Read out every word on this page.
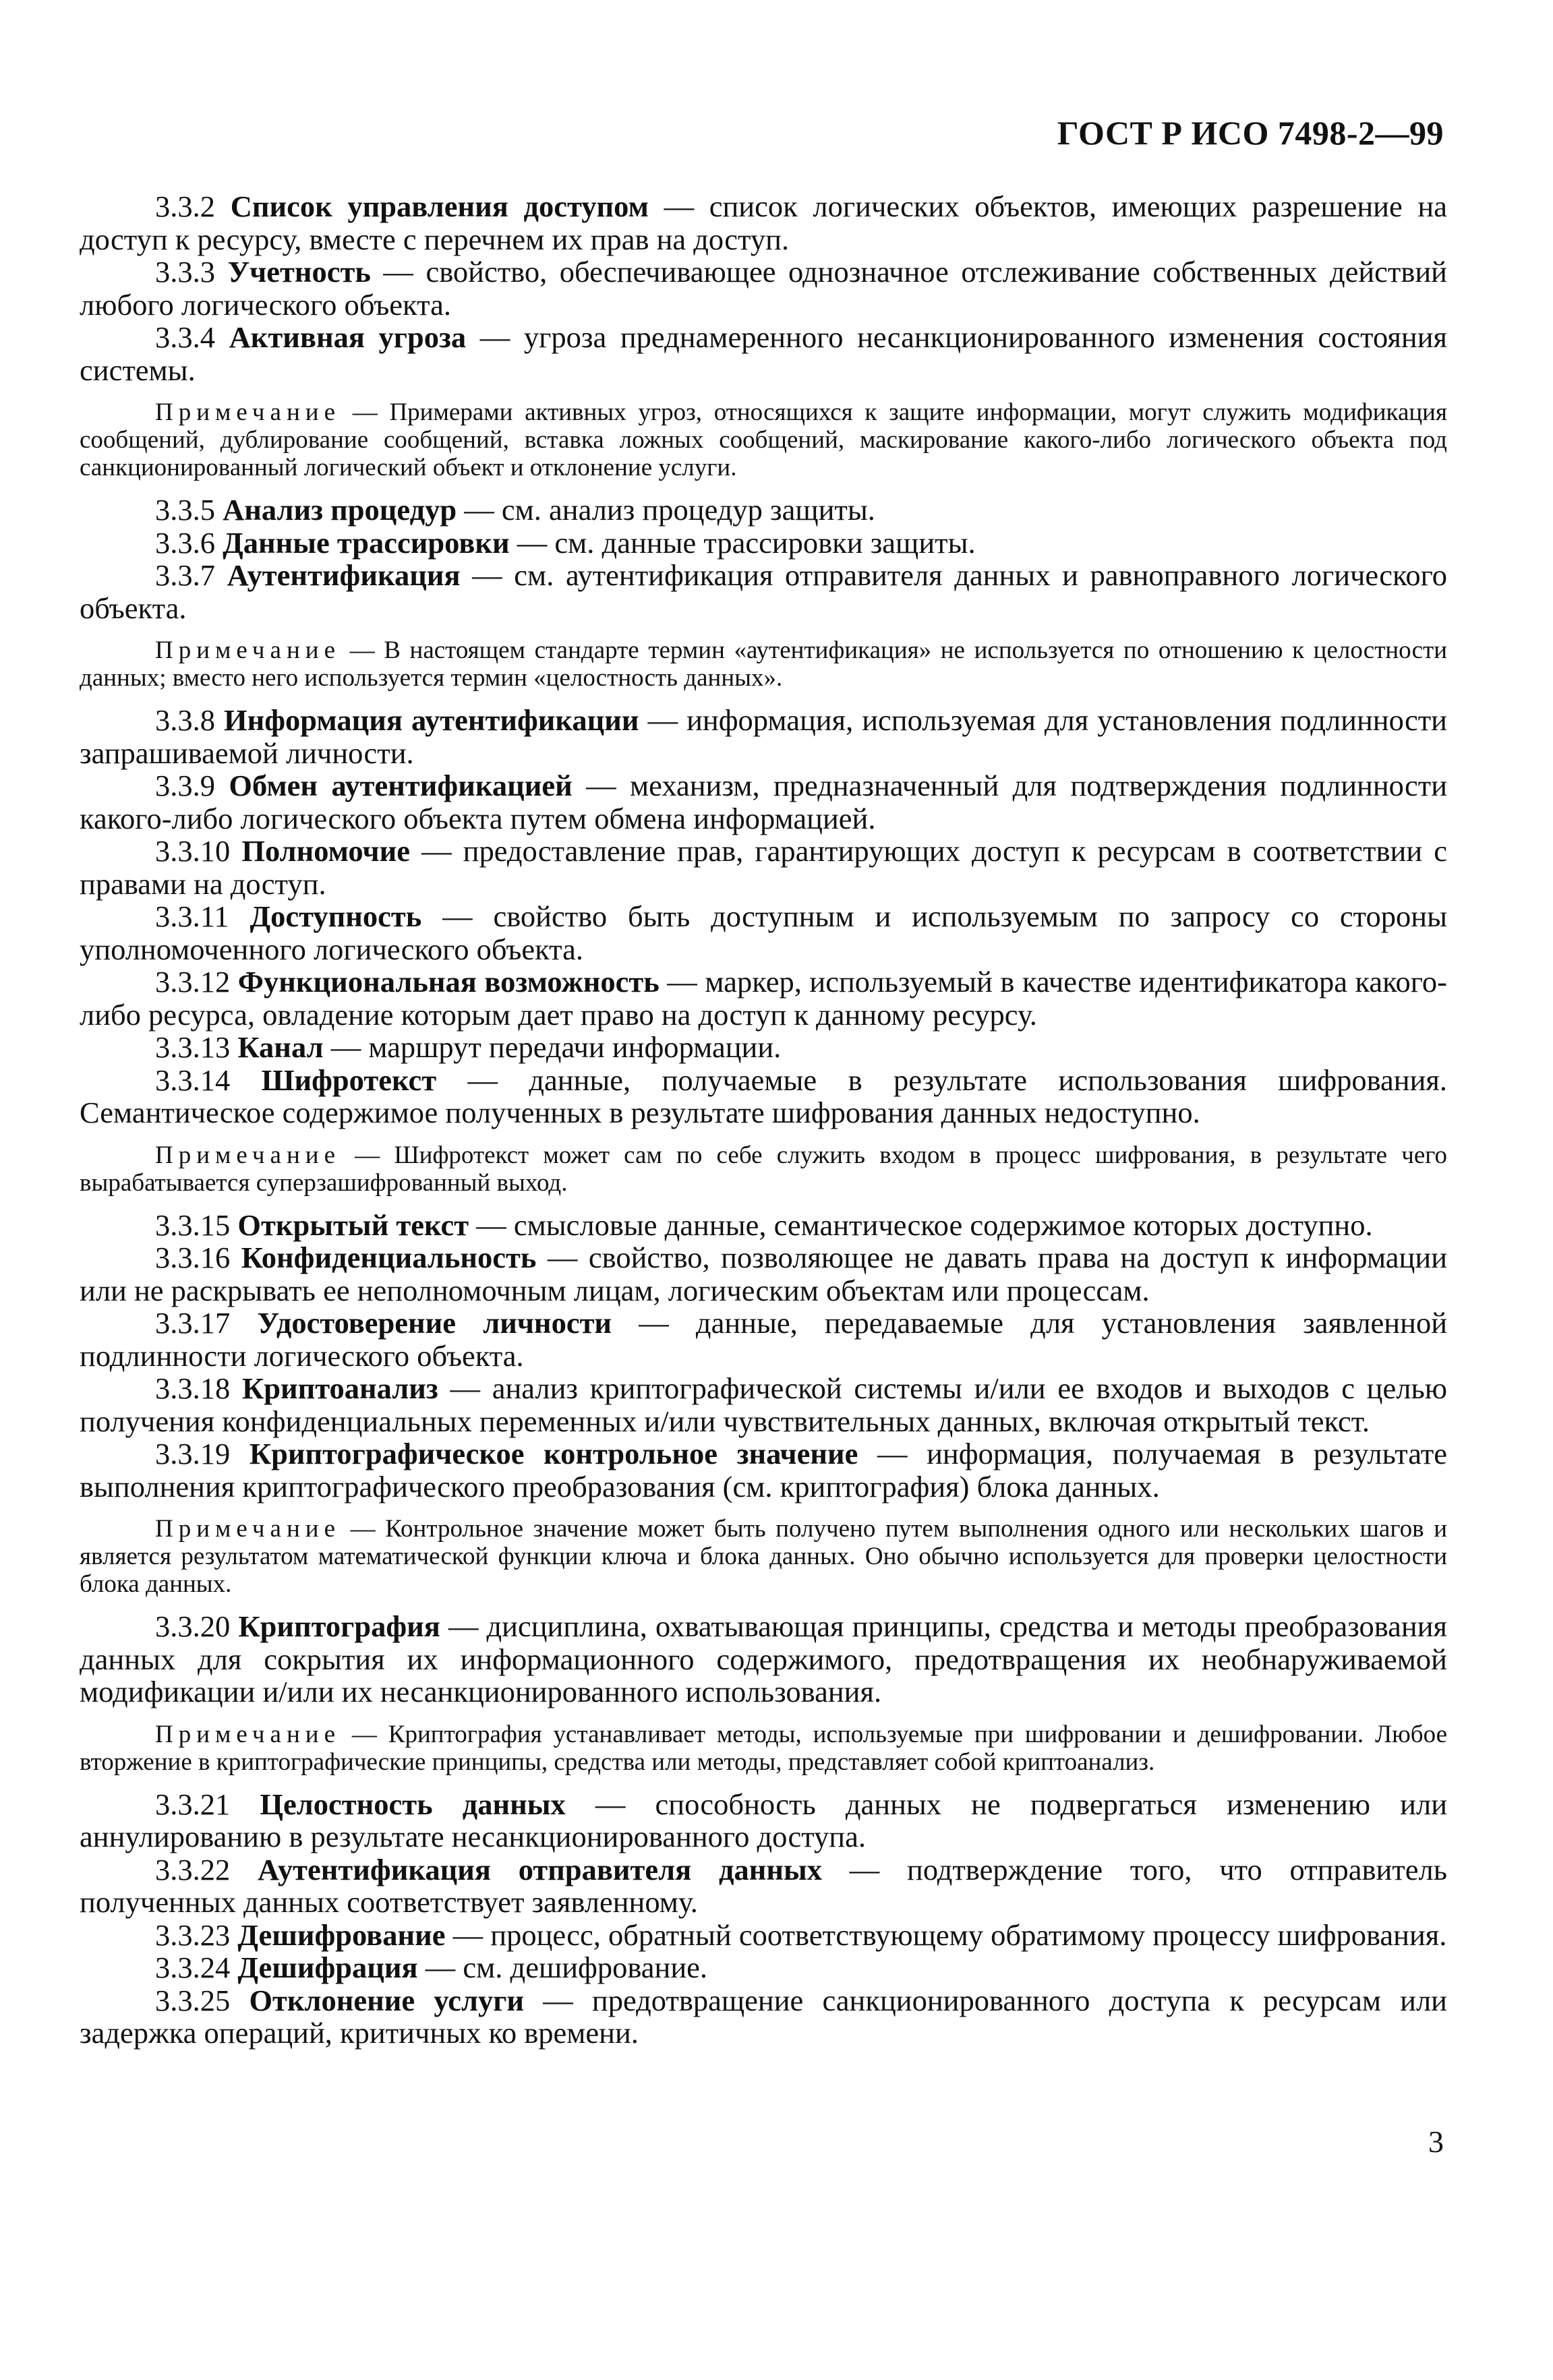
ГОСТ Р ИСО 7498-2—99

3.3.2 Список управления доступом — список логических объектов, имеющих разрешение на доступ к ресурсу, вместе с перечнем их прав на доступ.

3.3.3 Учетность — свойство, обеспечивающее однозначное отслеживание собственных действий любого логического объекта.

3.3.4 Активная угроза — угроза преднамеренного несанкционированного изменения состояния системы.

Примечание — Примерами активных угроз, относящихся к защите информации, могут служить модификация сообщений, дублирование сообщений, вставка ложных сообщений, маскирование какого-либо логического объекта под санкционированный логический объект и отклонение услуги.

3.3.5 Анализ процедур — см. анализ процедур защиты.

3.3.6 Данные трассировки — см. данные трассировки защиты.

3.3.7 Аутентификация — см. аутентификация отправителя данных и равноправного логического объекта.

Примечание — В настоящем стандарте термин «аутентификация» не используется по отношению к целостности данных; вместо него используется термин «целостность данных».

3.3.8 Информация аутентификации — информация, используемая для установления подлинности запрашиваемой личности.

3.3.9 Обмен аутентификацией — механизм, предназначенный для подтверждения подлинности какого-либо логического объекта путем обмена информацией.

3.3.10 Полномочие — предоставление прав, гарантирующих доступ к ресурсам в соответствии с правами на доступ.

3.3.11 Доступность — свойство быть доступным и используемым по запросу со стороны уполномоченного логического объекта.

3.3.12 Функциональная возможность — маркер, используемый в качестве идентификатора какого-либо ресурса, овладение которым дает право на доступ к данному ресурсу.

3.3.13 Канал — маршрут передачи информации.

3.3.14 Шифротекст — данные, получаемые в результате использования шифрования. Семантическое содержимое полученных в результате шифрования данных недоступно.

Примечание — Шифротекст может сам по себе служить входом в процесс шифрования, в результате чего вырабатывается суперзашифрованный выход.

3.3.15 Открытый текст — смысловые данные, семантическое содержимое которых доступно.

3.3.16 Конфиденциальность — свойство, позволяющее не давать права на доступ к информации или не раскрывать ее неполномочным лицам, логическим объектам или процессам.

3.3.17 Удостоверение личности — данные, передаваемые для установления заявленной подлинности логического объекта.

3.3.18 Криптоанализ — анализ криптографической системы и/или ее входов и выходов с целью получения конфиденциальных переменных и/или чувствительных данных, включая открытый текст.

3.3.19 Криптографическое контрольное значение — информация, получаемая в результате выполнения криптографического преобразования (см. криптография) блока данных.

Примечание — Контрольное значение может быть получено путем выполнения одного или нескольких шагов и является результатом математической функции ключа и блока данных. Оно обычно используется для проверки целостности блока данных.

3.3.20 Криптография — дисциплина, охватывающая принципы, средства и методы преобразования данных для сокрытия их информационного содержимого, предотвращения их необнаруживаемой модификации и/или их несанкционированного использования.

Примечание — Криптография устанавливает методы, используемые при шифровании и дешифровании. Любое вторжение в криптографические принципы, средства или методы, представляет собой криптоанализ.

3.3.21 Целостность данных — способность данных не подвергаться изменению или аннулированию в результате несанкционированного доступа.

3.3.22 Аутентификация отправителя данных — подтверждение того, что отправитель полученных данных соответствует заявленному.

3.3.23 Дешифрование — процесс, обратный соответствующему обратимому процессу шифрования.

3.3.24 Дешифрация — см. дешифрование.

3.3.25 Отклонение услуги — предотвращение санкционированного доступа к ресурсам или задержка операций, критичных ко времени.

3
